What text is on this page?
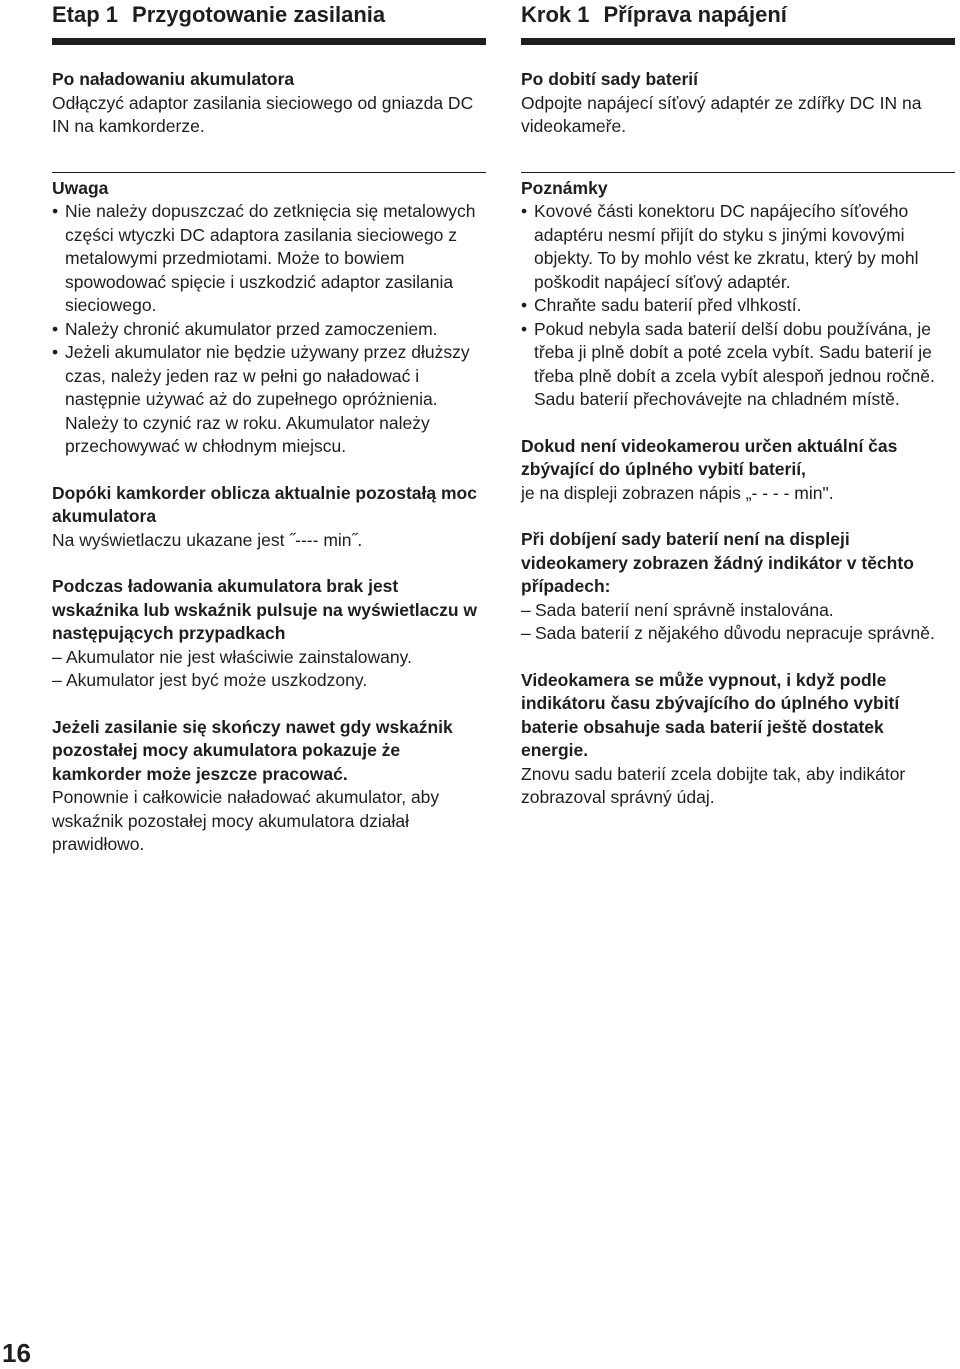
Etap 1 Przygotowanie zasilania

Po naładowaniu akumulatora

Odłączyć adaptor zasilania sieciowego od gniazda DC IN na kamkorderze.

Uwaga

• Nie należy dopuszczać do zetknięcia się metalowych części wtyczki DC adaptora zasilania sieciowego z metalowymi przedmiotami. Może to bowiem spowodować spięcie i uszkodzić adaptor zasilania sieciowego.
• Należy chronić akumulator przed zamoczeniem.
• Jeżeli akumulator nie będzie używany przez dłuższy czas, należy jeden raz w pełni go naładować i następnie używać aż do zupełnego opróżnienia. Należy to czynić raz w roku. Akumulator należy przechowywać w chłodnym miejscu.

Dopóki kamkorder oblicza aktualnie pozostałą moc akumulatora

Na wyświetlaczu ukazane jest ˝---- min˝.

Podczas ładowania akumulatora brak jest wskaźnika lub wskaźnik pulsuje na wyświetlaczu w następujących przypadkach

– Akumulator nie jest właściwie zainstalowany.
– Akumulator jest być może uszkodzony.

Jeżeli zasilanie się skończy nawet gdy wskaźnik pozostałej mocy akumulatora pokazuje że kamkorder może jeszcze pracować.

Ponownie i całkowicie naładować akumulator, aby wskaźnik pozostałej mocy akumulatora działał prawidłowo.

16
Krok 1 Příprava napájení

Po dobití sady baterií

Odpojte napájecí síťový adaptér ze zdířky DC IN na videokameře.

Poznámky

• Kovové části konektoru DC napájecího síťového adaptéru nesmí přijít do styku s jinými kovovými objekty. To by mohlo vést ke zkratu, který by mohl poškodit napájecí síťový adaptér.
• Chraňte sadu baterií před vlhkostí.
• Pokud nebyla sada baterií delší dobu používána, je třeba ji plně dobít a poté zcela vybít. Sadu baterií je třeba plně dobít a zcela vybít alespoň jednou ročně. Sadu baterií přechovávejte na chladném místě.

Dokud není videokamerou určen aktuální čas zbývající do úplného vybití baterií,

je na displeji zobrazen nápis „- - - - min".

Při dobíjení sady baterií není na displeji videokamery zobrazen žádný indikátor v těchto případech:

– Sada baterií není správně instalována.
– Sada baterií z nějakého důvodu nepracuje správně.

Videokamera se může vypnout, i když podle indikátoru času zbývajícího do úplného vybití baterie obsahuje sada baterií ještě dostatek energie.

Znovu sadu baterií zcela dobijte tak, aby indikátor zobrazoval správný údaj.
